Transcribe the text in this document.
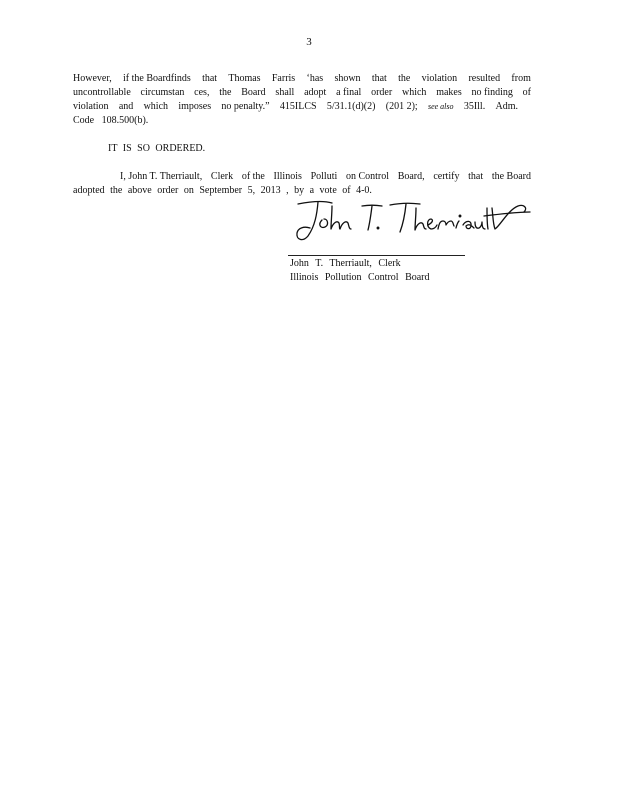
3
However, if the Boardfinds that Thomas Farris ‘has shown that the violation resulted from
uncontrollable circumstan ces, the Board shall adopt a final order which makes no finding of
violation and which imposes no penalty.” 415ILCS 5/31.1(d)(2) (201 2); see also 35Ill. Adm.
Code 108.500(b).
IT IS SO ORDERED.
I, John T. Therriault, Clerk of the Illinois Polluti on Control Board, certify that the Board
adopted the above order on September 5, 2013 , by a vote of 4-0.
John T. Therriault, Clerk
Illinois Pollution Control Board
